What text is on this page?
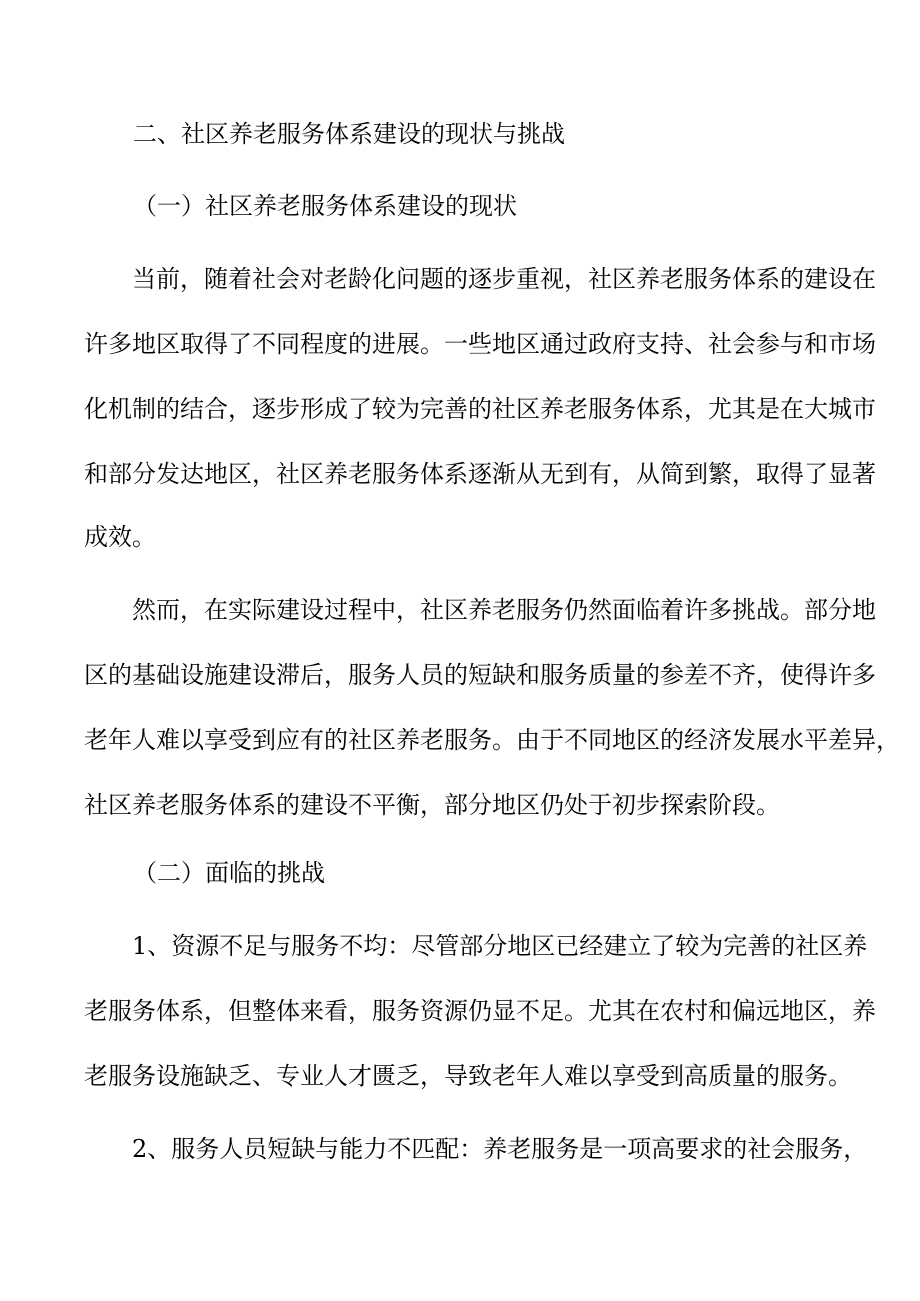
二、社区养老服务体系建设的现状与挑战
（一）社区养老服务体系建设的现状
当前，随着社会对老龄化问题的逐步重视，社区养老服务体系的建设在
许多地区取得了不同程度的进展。一些地区通过政府支持、社会参与和市场
化机制的结合，逐步形成了较为完善的社区养老服务体系，尤其是在大城市
和部分发达地区，社区养老服务体系逐渐从无到有，从简到繁，取得了显著
成效。
然而，在实际建设过程中，社区养老服务仍然面临着许多挑战。部分地
区的基础设施建设滞后，服务人员的短缺和服务质量的参差不齐，使得许多
老年人难以享受到应有的社区养老服务。由于不同地区的经济发展水平差异，
社区养老服务体系的建设不平衡，部分地区仍处于初步探索阶段。
（二）面临的挑战
1、资源不足与服务不均：尽管部分地区已经建立了较为完善的社区养
老服务体系，但整体来看，服务资源仍显不足。尤其在农村和偏远地区，养
老服务设施缺乏、专业人才匮乏，导致老年人难以享受到高质量的服务。
2、服务人员短缺与能力不匹配：养老服务是一项高要求的社会服务，
